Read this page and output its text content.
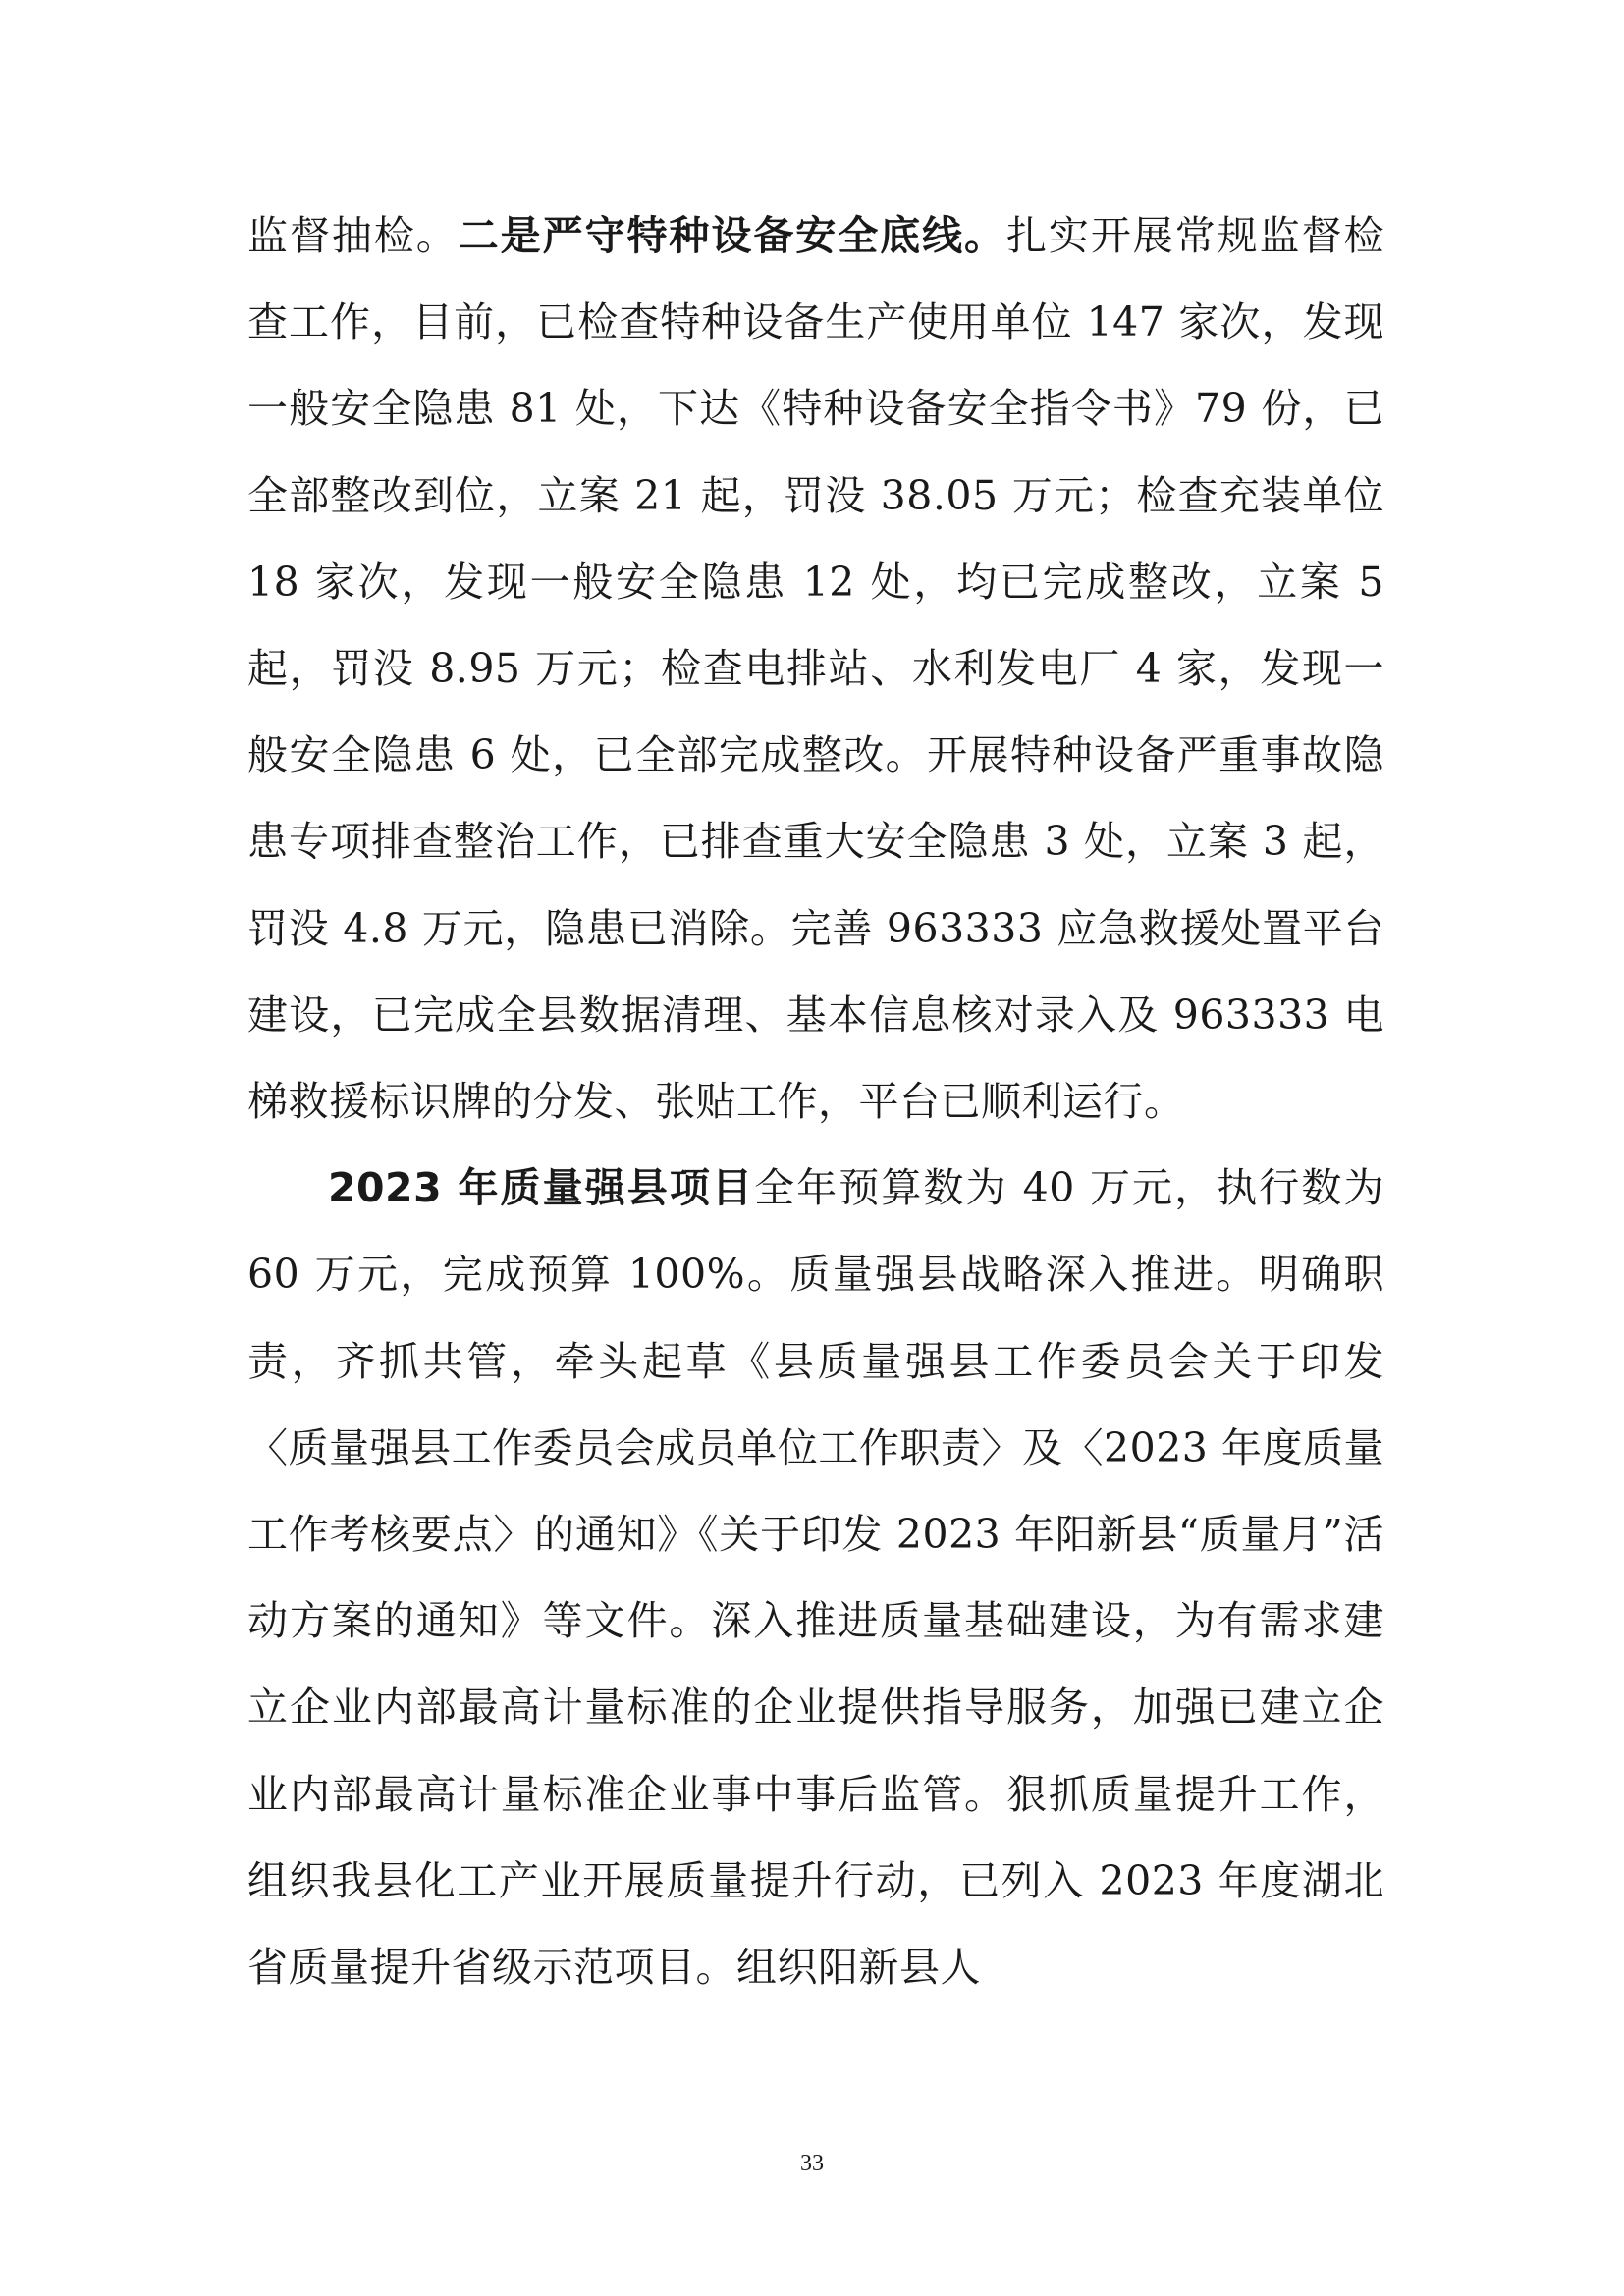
监督抽检。二是严守特种设备安全底线。扎实开展常规监督检查工作，目前，已检查特种设备生产使用单位 147 家次，发现一般安全隐患 81 处，下达《特种设备安全指令书》79 份，已全部整改到位，立案 21 起，罚没 38.05 万元；检查充装单位 18 家次，发现一般安全隐患 12 处，均已完成整改，立案 5 起，罚没 8.95 万元；检查电排站、水利发电厂 4 家，发现一般安全隐患 6 处，已全部完成整改。开展特种设备严重事故隐患专项排查整治工作，已排查重大安全隐患 3 处，立案 3 起，罚没 4.8 万元，隐患已消除。完善 963333 应急救援处置平台建设，已完成全县数据清理、基本信息核对录入及 963333 电梯救援标识牌的分发、张贴工作，平台已顺利运行。

2023 年质量强县项目全年预算数为 40 万元，执行数为 60 万元，完成预算 100%。质量强县战略深入推进。明确职责，齐抓共管，牵头起草《县质量强县工作委员会关于印发〈质量强县工作委员会成员单位工作职责〉及〈2023 年度质量工作考核要点〉的通知》《关于印发 2023 年阳新县“质量月”活动方案的通知》等文件。深入推进质量基础建设，为有需求建立企业内部最高计量标准的企业提供指导服务，加强已建立企业内部最高计量标准企业事中事后监管。狠抓质量提升工作，组织我县化工产业开展质量提升行动，已列入 2023 年度湖北省质量提升省级示范项目。组织阳新县人

33
